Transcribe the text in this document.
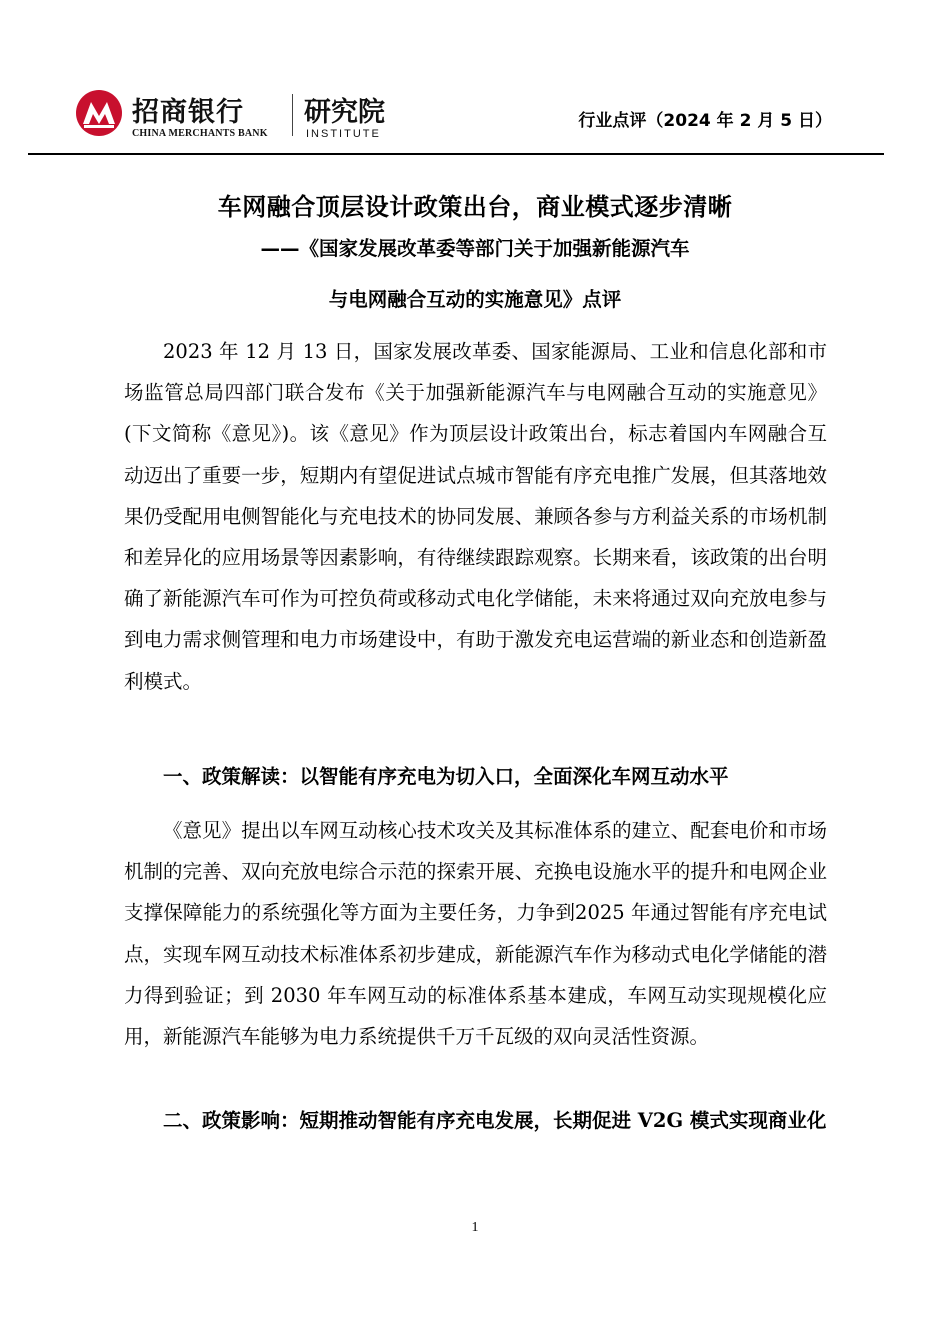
招商银行
CHINA MERCHANTS BANK
研究院
INSTITUTE
行业点评（2024 年 2 月 5 日）
车网融合顶层设计政策出台，商业模式逐步清晰
——《国家发展改革委等部门关于加强新能源汽车
与电网融合互动的实施意见》点评

2023 年 12 月 13 日，国家发展改革委、国家能源局、工业和信息化部和市场监管总局四部门联合发布《关于加强新能源汽车与电网融合互动的实施意见》(下文简称《意见》)。该《意见》作为顶层设计政策出台，标志着国内车网融合互动迈出了重要一步，短期内有望促进试点城市智能有序充电推广发展，但其落地效果仍受配用电侧智能化与充电技术的协同发展、兼顾各参与方利益关系的市场机制和差异化的应用场景等因素影响，有待继续跟踪观察。长期来看，该政策的出台明确了新能源汽车可作为可控负荷或移动式电化学储能，未来将通过双向充放电参与到电力需求侧管理和电力市场建设中，有助于激发充电运营端的新业态和创造新盈利模式。

一、政策解读：以智能有序充电为切入口，全面深化车网互动水平

《意见》提出以车网互动核心技术攻关及其标准体系的建立、配套电价和市场机制的完善、双向充放电综合示范的探索开展、充换电设施水平的提升和电网企业支撑保障能力的系统强化等方面为主要任务，力争到2025 年通过智能有序充电试点，实现车网互动技术标准体系初步建成，新能源汽车作为移动式电化学储能的潜力得到验证；到 2030 年车网互动的标准体系基本建成，车网互动实现规模化应用，新能源汽车能够为电力系统提供千万千瓦级的双向灵活性资源。

二、政策影响：短期推动智能有序充电发展，长期促进 V2G 模式实现商业化

1
